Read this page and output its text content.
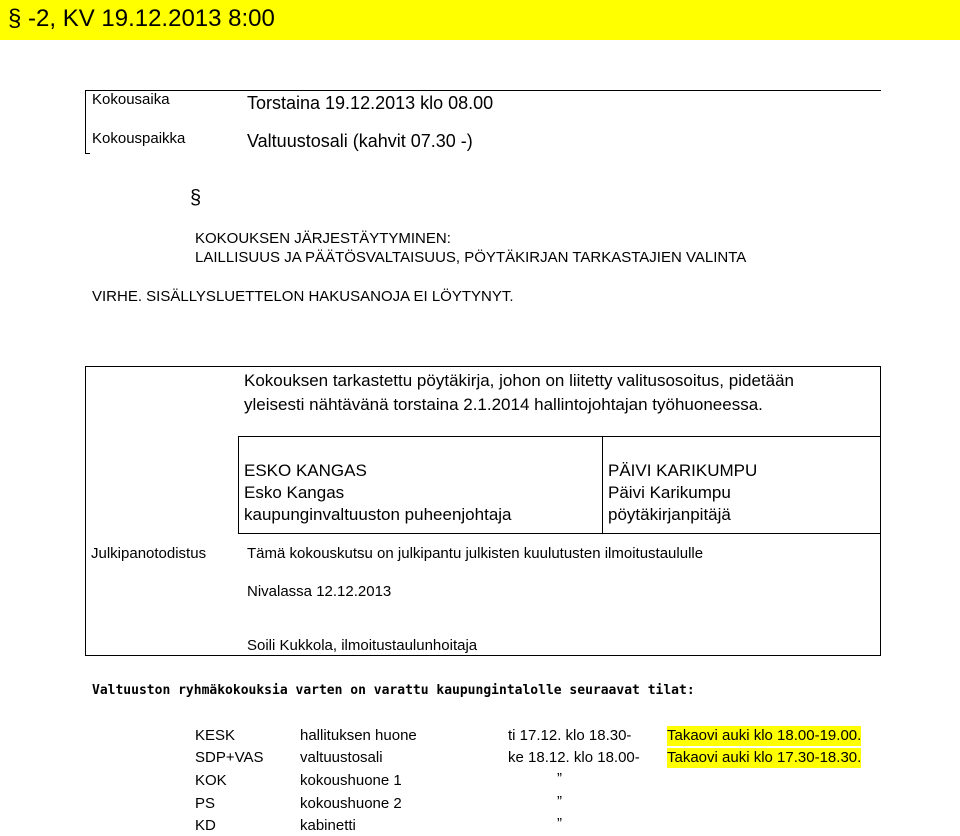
§ -2, KV 19.12.2013 8:00
Kokousaika	Torstaina 19.12.2013 klo 08.00
Kokouspaikka	Valtuustosali (kahvit 07.30 -)
§
KOKOUKSEN JÄRJESTÄYTYMINEN:
LAILLISUUS JA PÄÄTÖSVALTAISUUS, PÖYTÄKIRJAN TARKASTAJIEN VALINTA
VIRHE. SISÄLLYSLUETTELON HAKUSANOJA EI LÖYTYNYT.
Kokouksen tarkastettu pöytäkirja, johon on liitetty valitusosoitus, pidetään
yleisesti nähtävänä torstaina 2.1.2014 hallintojohtajan työhuoneessa.
ESKO KANGAS
Esko Kangas
kaupunginvaltuuston puheenjohtaja
PÄIVI KARIKUMPU
Päivi Karikumpu
pöytäkirjanpitäjä
Julkipanotodistus	Tämä kokouskutsu on julkipantu julkisten kuulutusten ilmoitustaululle
Nivalassa 12.12.2013
Soili Kukkola, ilmoitustaulunhoitaja
Valtuuston ryhmäkokouksia varten on varattu kaupungintalolle seuraavat tilat:
KESK	hallituksen huone	ti 17.12. klo 18.30- Takaovi auki klo 18.00-19.00.
SDP+VAS valtuustosali	ke 18.12. klo 18.00- Takaovi auki klo 17.30-18.30.
KOK	kokoushuone 1	”
PS	kokoushuone 2	”
KD	kabinetti	”
